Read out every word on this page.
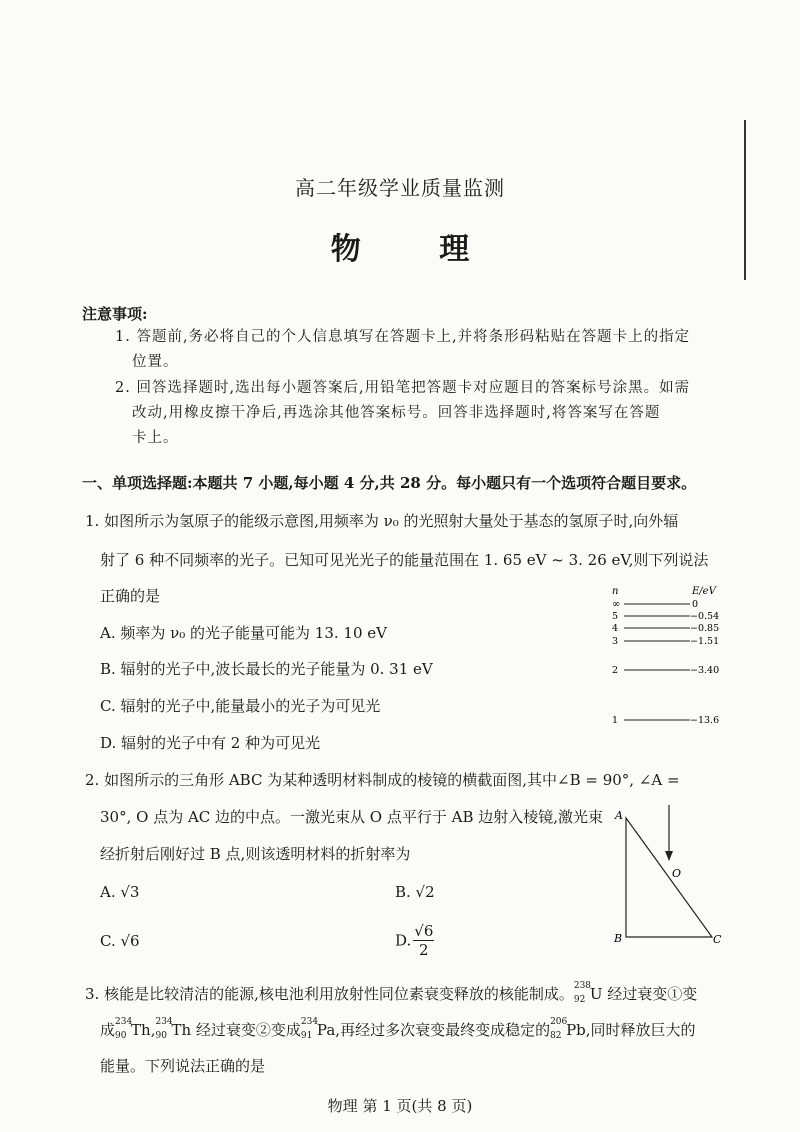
高二年级学业质量监测
物 理
注意事项:
1. 答题前,务必将自己的个人信息填写在答题卡上,并将条形码粘贴在答题卡上的指定
位置。
2. 回答选择题时,选出每小题答案后,用铅笔把答题卡对应题目的答案标号涂黑。如需
改动,用橡皮擦干净后,再选涂其他答案标号。回答非选择题时,将答案写在答题
卡上。
一、单项选择题:本题共 7 小题,每小题 4 分,共 28 分。每小题只有一个选项符合题目要求。
1. 如图所示为氢原子的能级示意图,用频率为 ν₀ 的光照射大量处于基态的氢原子时,向外辐
射了 6 种不同频率的光子。已知可见光光子的能量范围在 1. 65 eV ~ 3. 26 eV,则下列说法
正确的是
A. 频率为 ν₀ 的光子能量可能为 13. 10 eV
B. 辐射的光子中,波长最长的光子能量为 0. 31 eV
C. 辐射的光子中,能量最小的光子为可见光
D. 辐射的光子中有 2 种为可见光
n	E/eV
∞	0
5	−0.54
4	−0.85
3	−1.51
2	−3.40
1	−13.6
2. 如图所示的三角形 ABC 为某种透明材料制成的棱镜的横截面图,其中∠B = 90°, ∠A =
30°, O 点为 AC 边的中点。一激光束从 O 点平行于 AB 边射入棱镜,激光束
经折射后刚好过 B 点,则该透明材料的折射率为
A. √3	B. √2
C. √6	D. $\frac{√6}{2}$
A
B	C
O
3. 核能是比较清洁的能源,核电池利用放射性同位素衰变释放的核能制成。 238
92 U 经过衰变①变
成 234
90 Th, 234
90 Th 经过衰变②变成 234
91 Pa,再经过多次衰变最终变成稳定的 206
82 Pb,同时释放巨大的
能量。下列说法正确的是
物理 第 1 页(共 8 页)
